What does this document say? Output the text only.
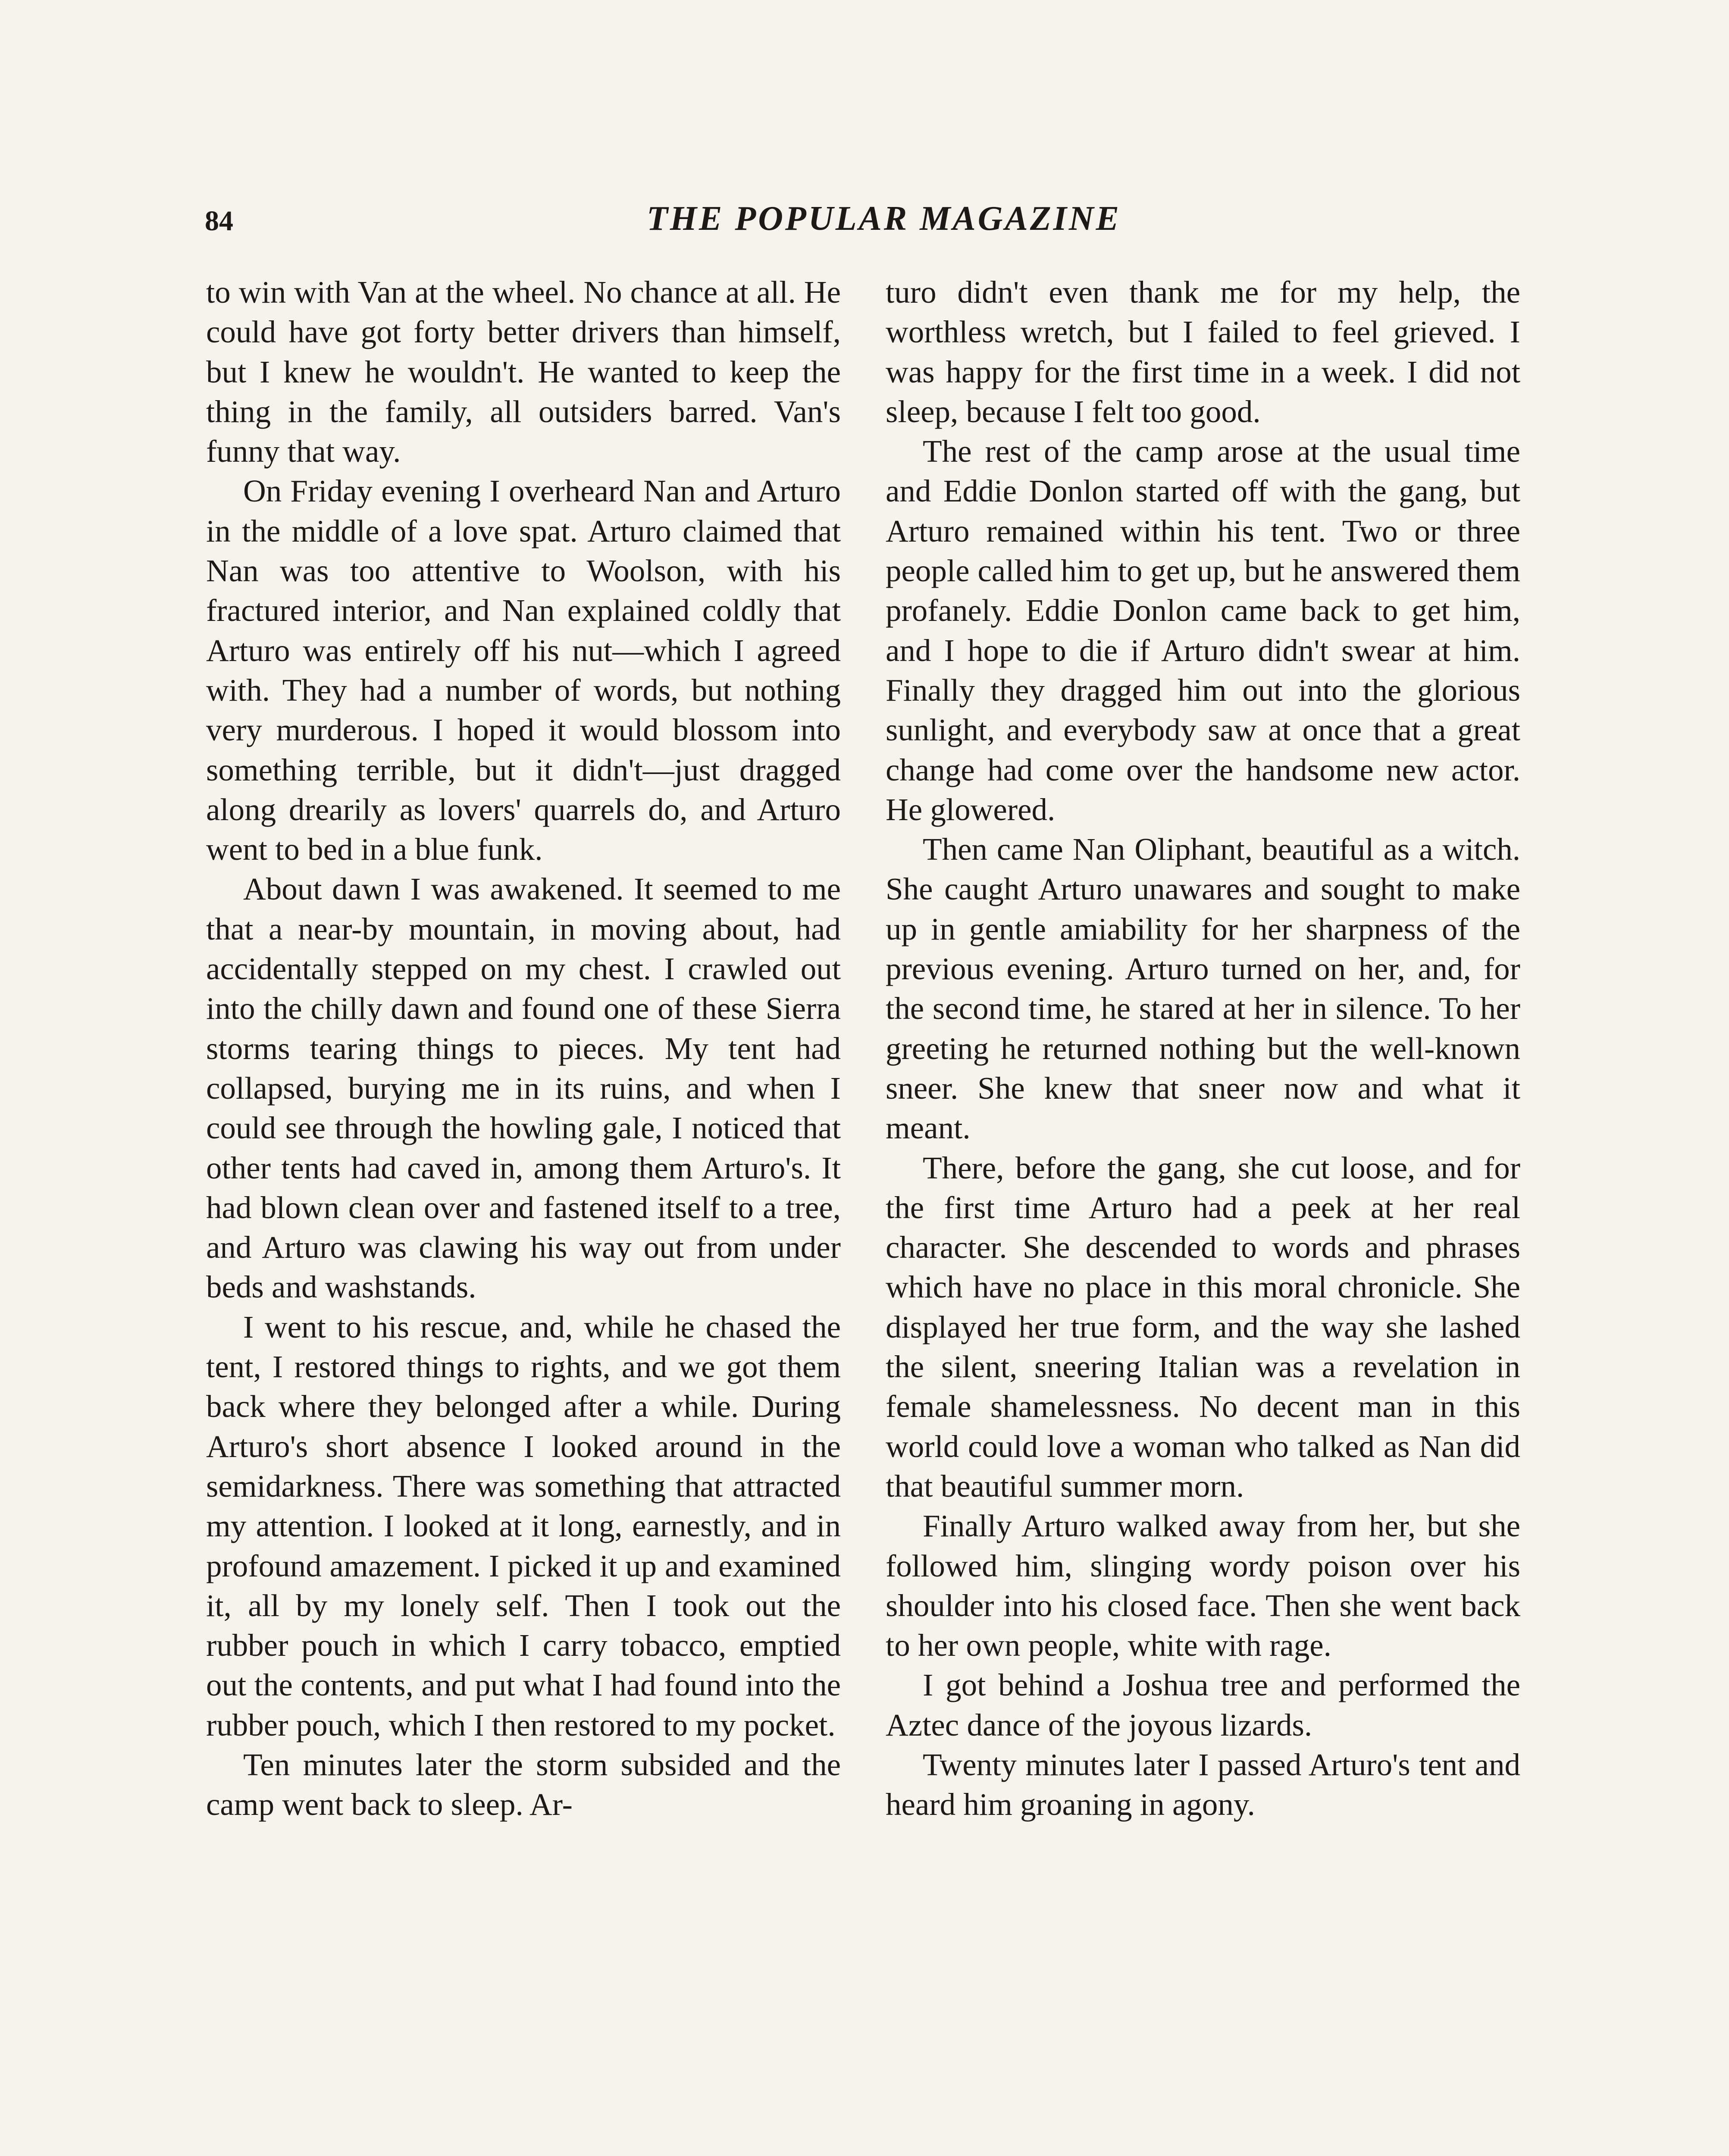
84	THE POPULAR MAGAZINE

to win with Van at the wheel. No chance at all. He could have got forty better drivers than himself, but I knew he wouldn't. He wanted to keep the thing in the family, all outsiders barred. Van's funny that way.

On Friday evening I overheard Nan and Arturo in the middle of a love spat. Arturo claimed that Nan was too attentive to Woolson, with his fractured interior, and Nan explained coldly that Arturo was entirely off his nut—which I agreed with. They had a number of words, but nothing very murderous. I hoped it would blossom into something terrible, but it didn't—just dragged along drearily as lovers' quarrels do, and Arturo went to bed in a blue funk.

About dawn I was awakened. It seemed to me that a near-by mountain, in moving about, had accidentally stepped on my chest. I crawled out into the chilly dawn and found one of these Sierra storms tearing things to pieces. My tent had collapsed, burying me in its ruins, and when I could see through the howling gale, I noticed that other tents had caved in, among them Arturo's. It had blown clean over and fastened itself to a tree, and Arturo was clawing his way out from under beds and washstands.

I went to his rescue, and, while he chased the tent, I restored things to rights, and we got them back where they belonged after a while. During Arturo's short absence I looked around in the semidarkness. There was something that attracted my attention. I looked at it long, earnestly, and in profound amazement. I picked it up and examined it, all by my lonely self. Then I took out the rubber pouch in which I carry tobacco, emptied out the contents, and put what I had found into the rubber pouch, which I then restored to my pocket.

Ten minutes later the storm subsided and the camp went back to sleep. Ar-

turo didn't even thank me for my help, the worthless wretch, but I failed to feel grieved. I was happy for the first time in a week. I did not sleep, because I felt too good.

The rest of the camp arose at the usual time and Eddie Donlon started off with the gang, but Arturo remained within his tent. Two or three people called him to get up, but he answered them profanely. Eddie Donlon came back to get him, and I hope to die if Arturo didn't swear at him. Finally they dragged him out into the glorious sunlight, and everybody saw at once that a great change had come over the handsome new actor. He glowered.

Then came Nan Oliphant, beautiful as a witch. She caught Arturo unawares and sought to make up in gentle amiability for her sharpness of the previous evening. Arturo turned on her, and, for the second time, he stared at her in silence. To her greeting he returned nothing but the well-known sneer. She knew that sneer now and what it meant.

There, before the gang, she cut loose, and for the first time Arturo had a peek at her real character. She descended to words and phrases which have no place in this moral chronicle. She displayed her true form, and the way she lashed the silent, sneering Italian was a revelation in female shamelessness. No decent man in this world could love a woman who talked as Nan did that beautiful summer morn.

Finally Arturo walked away from her, but she followed him, slinging wordy poison over his shoulder into his closed face. Then she went back to her own people, white with rage.

I got behind a Joshua tree and performed the Aztec dance of the joyous lizards.

Twenty minutes later I passed Arturo's tent and heard him groaning in agony.
